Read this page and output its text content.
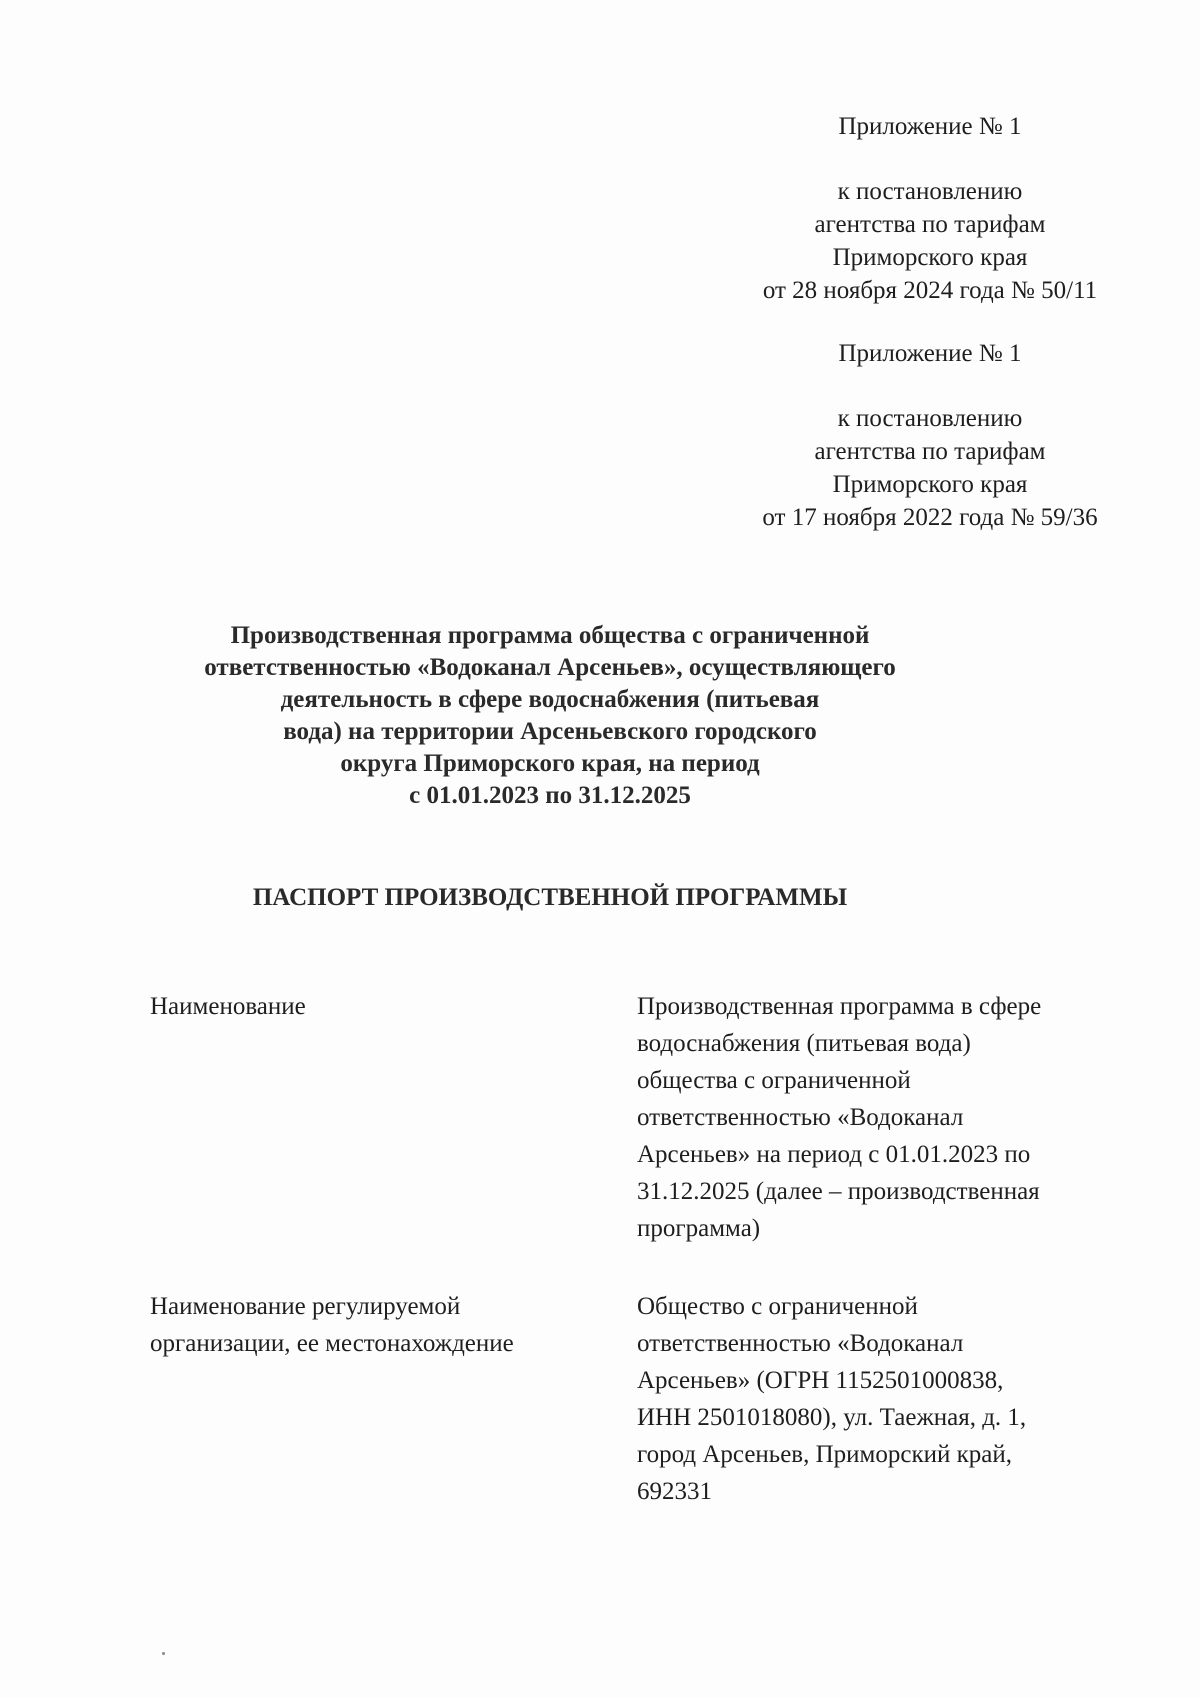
Приложение № 1
к постановлению
агентства по тарифам
Приморского края
от 28 ноября 2024 года № 50/11
Приложение № 1
к постановлению
агентства по тарифам
Приморского края
от 17 ноября 2022 года № 59/36
Производственная программа общества с ограниченной
ответственностью «Водоканал Арсеньев», осуществляющего
деятельность в сфере водоснабжения (питьевая
вода) на территории Арсеньевского городского
округа Приморского края, на период
с 01.01.2023 по 31.12.2025
ПАСПОРТ ПРОИЗВОДСТВЕННОЙ ПРОГРАММЫ
Наименование	Производственная программа в сфере
водоснабжения (питьевая вода)
общества с ограниченной
ответственностью «Водоканал
Арсеньев» на период с 01.01.2023 по
31.12.2025 (далее – производственная
программа)
Наименование регулируемой
организации, ее местонахождение
Общество с ограниченной
ответственностью «Водоканал
Арсеньев» (ОГРН 1152501000838,
ИНН 2501018080), ул. Таежная, д. 1,
город Арсеньев, Приморский край,
692331
